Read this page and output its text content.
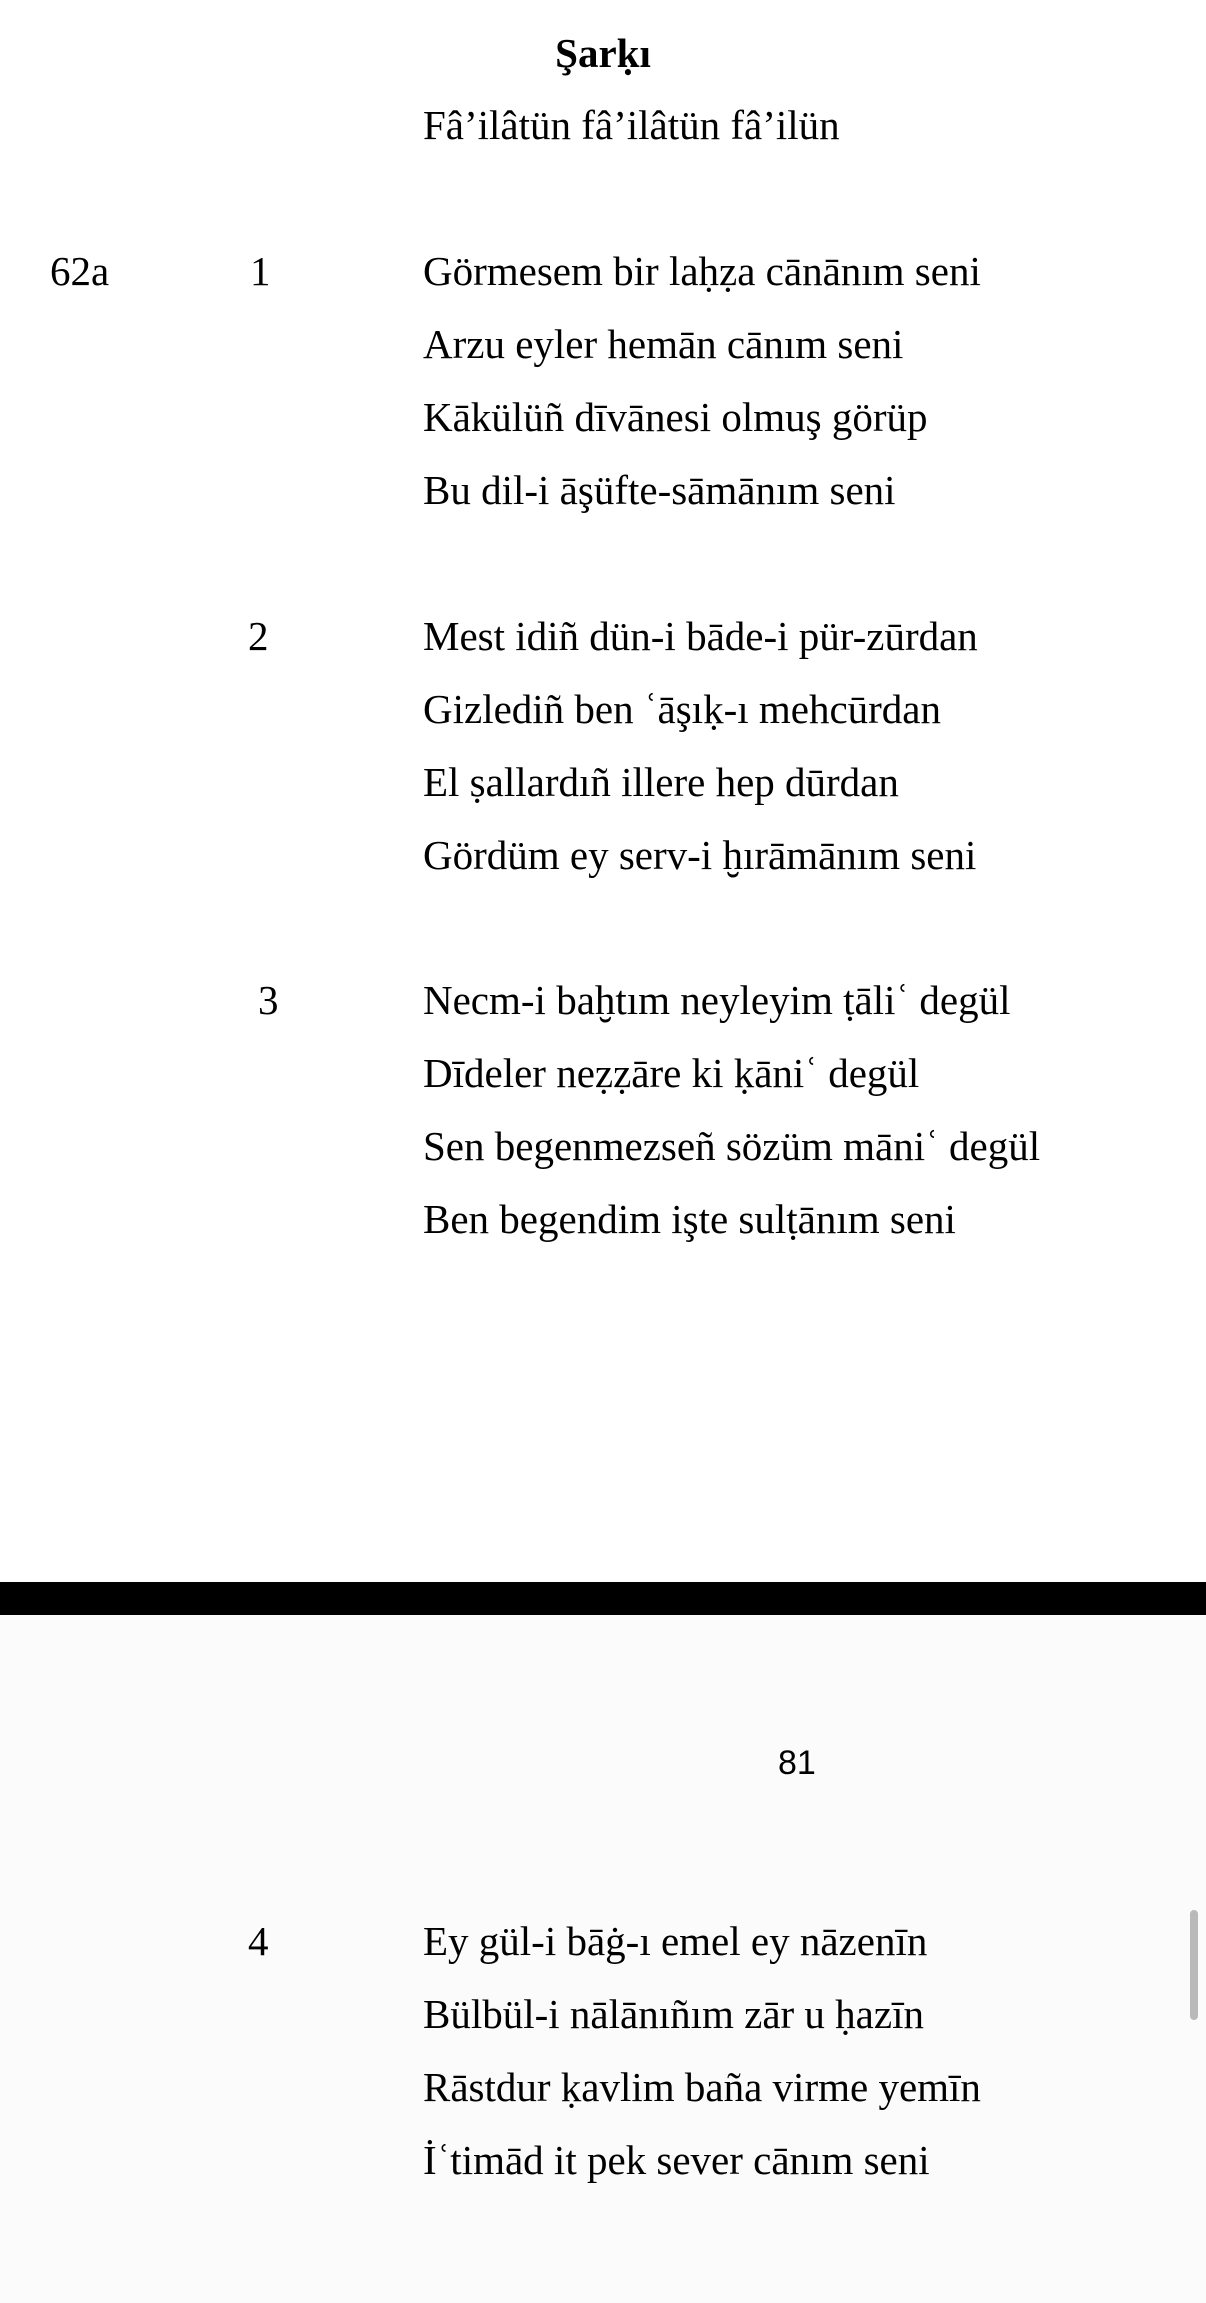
Şarḳı
Fâ’ilâtün fâ’ilâtün fâ’ilün
62a	1	Görmesem bir laḥẓa cānānım seni
Arzu eyler hemān cānım seni
Kākülüñ dīvānesi olmuş görüp
Bu dil-i āşüfte-sāmānım seni
2	Mest idiñ dün-i bāde-i pür-zūrdan
Gizlediñ ben ʿāşıḳ-ı mehcūrdan
El ṣallardıñ illere hep dūrdan
Gördüm ey serv-i ḫırāmānım seni
3	Necm-i baḫtım neyleyim ṭāliʿ degül
Dīdeler neẓẓāre ki ḳāniʿ degül
Sen begenmezseñ sözüm māniʿ degül
Ben begendim işte sulṭānım seni
81
4	Ey gül-i bāġ-ı emel ey nāzenīn
Bülbül-i nālānıñım zār u ḥazīn
Rāstdur ḳavlim baña virme yemīn
İʿtimād it pek sever cānım seni
